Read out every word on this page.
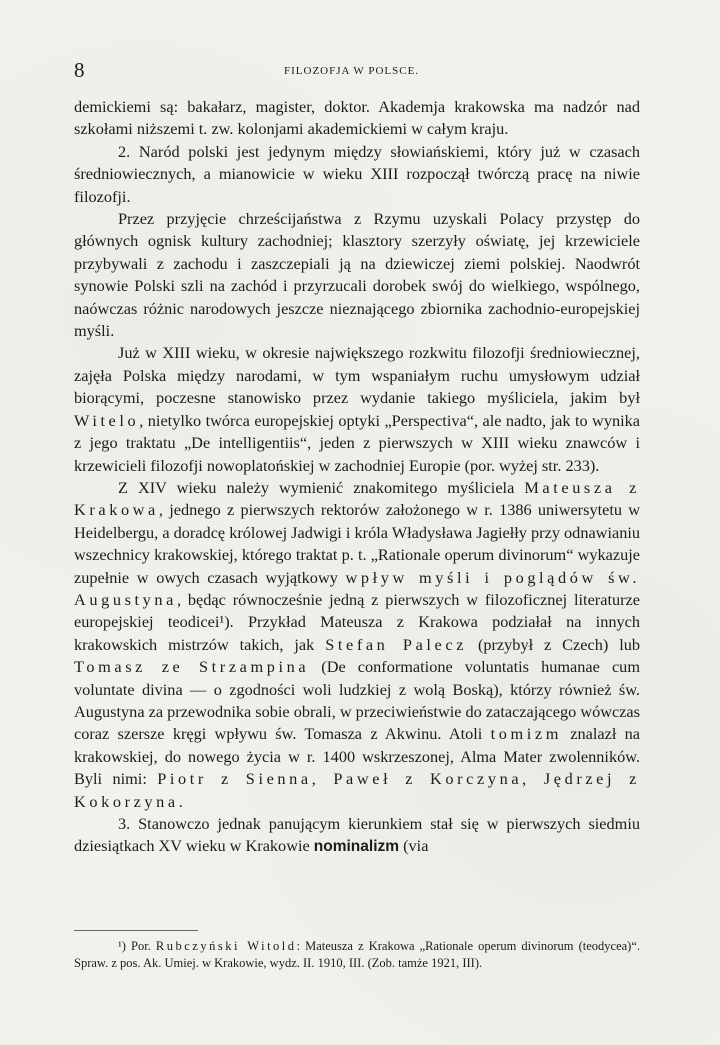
8	FILOZOFJA W POLSCE.

demickiemi są: bakałarz, magister, doktor. Akademja krakowska ma nadzór nad szkołami niższemi t. zw. kolonjami akademickiemi w całym kraju.

2. Naród polski jest jedynym między słowiańskiemi, który już w czasach średniowiecznych, a mianowicie w wieku XIII rozpoczął twórczą pracę na niwie filozofji.

Przez przyjęcie chrześcijaństwa z Rzymu uzyskali Polacy przystęp do głównych ognisk kultury zachodniej; klasztory szerzyły oświatę, jej krzewiciele przybywali z zachodu i zaszczepiali ją na dziewiczej ziemi polskiej. Naodwrót synowie Polski szli na zachód i przyrzucali dorobek swój do wielkiego, wspólnego, naówczas różnic narodowych jeszcze nieznającego zbiornika zachodnio-europejskiej myśli.

Już w XIII wieku, w okresie największego rozkwitu filozofji średniowiecznej, zajęła Polska między narodami, w tym wspaniałym ruchu umysłowym udział biorącymi, poczesne stanowisko przez wydanie takiego myśliciela, jakim był Witelo, nietylko twórca europejskiej optyki „Perspectiva“, ale nadto, jak to wynika z jego traktatu „De intelligentiis“, jeden z pierwszych w XIII wieku znawców i krzewicieli filozofji nowoplatońskiej w zachodniej Europie (por. wyżej str. 233).

Z XIV wieku należy wymienić znakomitego myśliciela Mateusza z Krakowa, jednego z pierwszych rektorów założonego w r. 1386 uniwersytetu w Heidelbergu, a doradcę królowej Jadwigi i króla Władysława Jagiełły przy odnawianiu wszechnicy krakowskiej, którego traktat p. t. „Rationale operum divinorum“ wykazuje zupełnie w owych czasach wyjątkowy wpływ myśli i poglądów św. Augustyna, będąc równocześnie jedną z pierwszych w filozoficznej literaturze europejskiej teodicei¹). Przykład Mateusza z Krakowa podziałał na innych krakowskich mistrzów takich, jak Stefan Palecz (przybył z Czech) lub Tomasz ze Strzampina (De conformatione voluntatis humanae cum voluntate divina — o zgodności woli ludzkiej z wolą Boską), którzy również św. Augustyna za przewodnika sobie obrali, w przeciwieństwie do zataczającego wówczas coraz szersze kręgi wpływu św. Tomasza z Akwinu. Atoli tomizm znalazł na krakowskiej, do nowego życia w r. 1400 wskrzeszonej, Alma Mater zwolenników. Byli nimi: Piotr z Sienna, Paweł z Korczyna, Jędrzej z Kokorzyna.

3. Stanowczo jednak panującym kierunkiem stał się w pierwszych siedmiu dziesiątkach XV wieku w Krakowie nominalizm (via

¹) Por. Rubczyński Witold: Mateusza z Krakowa „Rationale operum divinorum (teodycea)“. Spraw. z pos. Ak. Umiej. w Krakowie, wydz. II. 1910, III. (Zob. tamże 1921, III).
